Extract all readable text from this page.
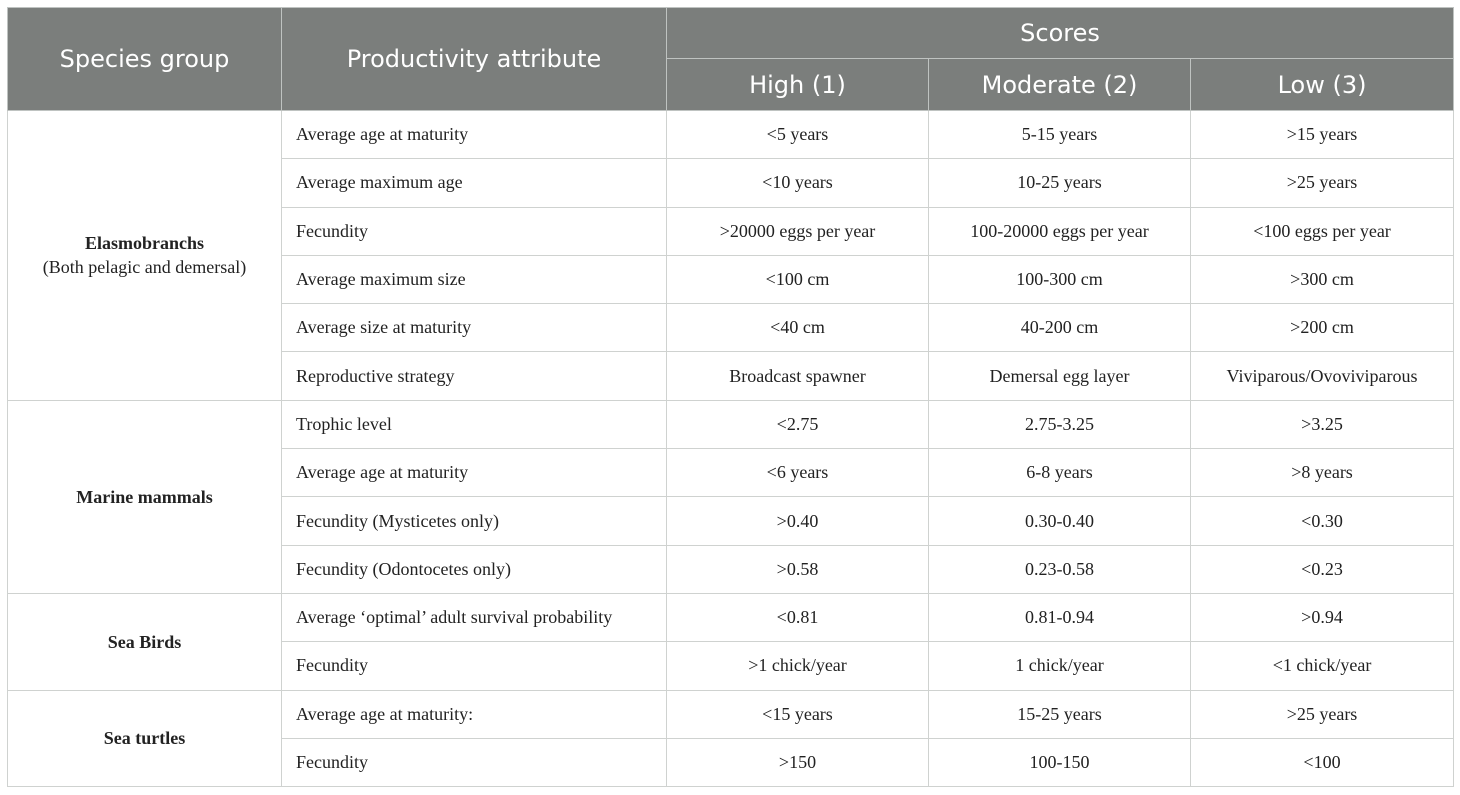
Species group	Productivity attribute	Scores		
		High (1)	Moderate (2)	Low (3)

Elasmobranchs
(Both pelagic and demersal)	Average age at maturity	<5 years	5-15 years	>15 years
	Average maximum age	<10 years	10-25 years	>25 years
	Fecundity	>20000 eggs per year	100-20000 eggs per year	<100 eggs per year
	Average maximum size	<100 cm	100-300 cm	>300 cm
	Average size at maturity	<40 cm	40-200 cm	>200 cm
	Reproductive strategy	Broadcast spawner	Demersal egg layer	Viviparous/Ovoviviparous

Marine mammals	Trophic level	<2.75	2.75-3.25	>3.25
	Average age at maturity	<6 years	6-8 years	>8 years
	Fecundity (Mysticetes only)	>0.40	0.30-0.40	<0.30
	Fecundity (Odontocetes only)	>0.58	0.23-0.58	<0.23

Sea Birds	Average ‘optimal’ adult survival probability	<0.81	0.81-0.94	>0.94
	Fecundity	>1 chick/year	1 chick/year	<1 chick/year

Sea turtles	Average age at maturity:	<15 years	15-25 years	>25 years
	Fecundity	>150	100-150	<100
